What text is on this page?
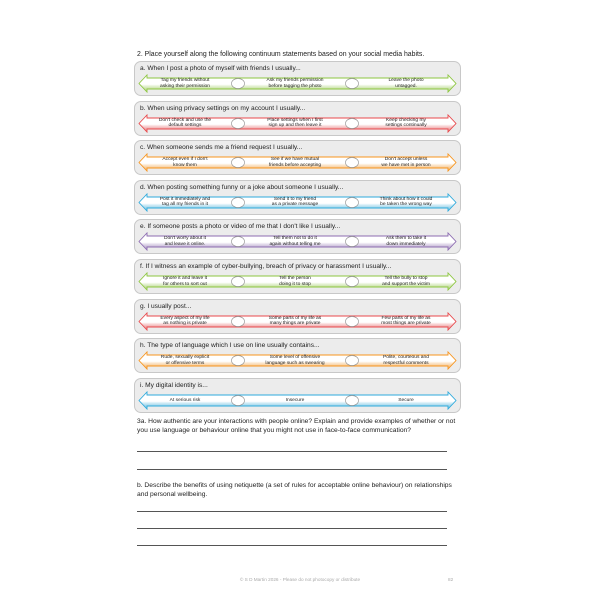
2. Place yourself along the following continuum statements based on your social media habits.
a. When I post a photo of myself with friends I usually...
Tag my friends without
asking their permission
Ask my friends permission
before tagging the photo
Leave the photo
untagged.
b. When using privacy settings on my account I usually...
Don't check and use the
default settings
Place settings when I first
sign up and then leave it
Keep checking my
settings continually
c. When someone sends me a friend request I usually...
Accept even if I don't
know them
See if we have mutual
friends before accepting
Don't accept unless
we have met in person
d. When posting something funny or a joke about someone I usually...
Post it immediately and
tag all my friends in it
Send it to my friend
as a private message
Think about how it could
be taken the wrong way
e. If someone posts a photo or video of me that I don't like I usually...
Don't worry about it
and leave it online.
Tell them not to do it
again without telling me
Ask them to take it
down immediately
f. If I witness an example of cyber-bullying, breach of privacy or harassment I usually...
Ignore it and leave it
for others to sort out
Tell the person
doing it to stop
Tell the bully to stop
and support the victim
g. I usually post...
Every aspect of my life
as nothing is private
Some parts of my life as
many things are private
Few parts of my life as
most things are private
h. The type of language which I use on line usually contains...
Rude, sexually explicit
or offensive terms
Some level of offensive
language such as swearing
Polite, courteous and
respectful comments
i. My digital identity is...
At serious risk	Insecure	Secure
3a. How authentic are your interactions with people online? Explain and provide examples of whether or not you use language or behaviour online that you might not use in face-to-face communication?
b. Describe the benefits of using netiquette (a set of rules for acceptable online behaviour) on relationships and personal wellbeing.
© S D Martin 2026 - Please do not photocopy or distribute	82
